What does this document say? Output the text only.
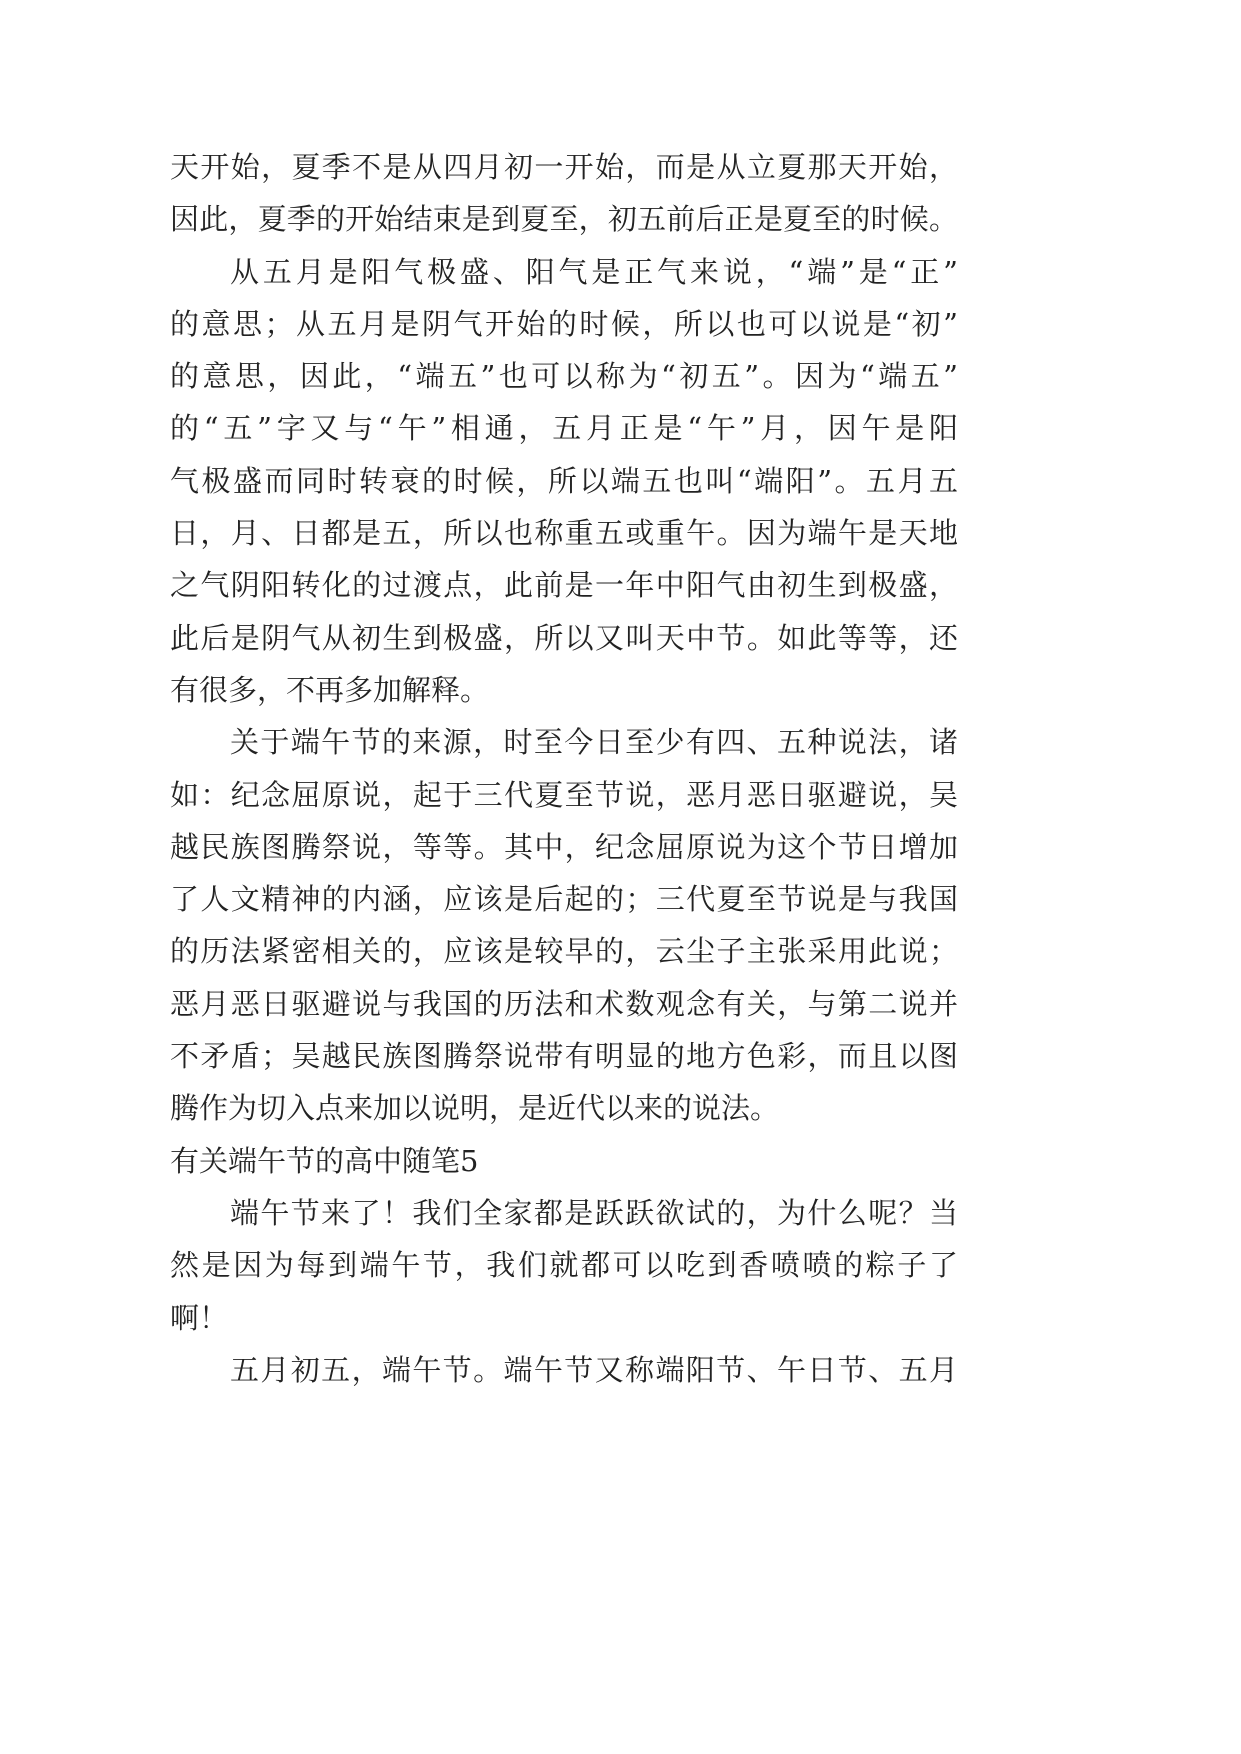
天开始，夏季不是从四月初一开始，而是从立夏那天开始，
因此，夏季的开始结束是到夏至，初五前后正是夏至的时候。
从五月是阳气极盛、阳气是正气来说，“端”是“正”
的意思；从五月是阴气开始的时候，所以也可以说是“初”
的意思，因此，“端五”也可以称为“初五”。因为“端五”
的“五”字又与“午”相通，五月正是“午”月，因午是阳
气极盛而同时转衰的时候，所以端五也叫“端阳”。五月五
日，月、日都是五，所以也称重五或重午。因为端午是天地
之气阴阳转化的过渡点，此前是一年中阳气由初生到极盛，
此后是阴气从初生到极盛，所以又叫天中节。如此等等，还
有很多，不再多加解释。
关于端午节的来源，时至今日至少有四、五种说法，诸
如：纪念屈原说，起于三代夏至节说，恶月恶日驱避说，吴
越民族图腾祭说，等等。其中，纪念屈原说为这个节日增加
了人文精神的内涵，应该是后起的；三代夏至节说是与我国
的历法紧密相关的，应该是较早的，云尘子主张采用此说；
恶月恶日驱避说与我国的历法和术数观念有关，与第二说并
不矛盾；吴越民族图腾祭说带有明显的地方色彩，而且以图
腾作为切入点来加以说明，是近代以来的说法。
有关端午节的高中随笔5
端午节来了！我们全家都是跃跃欲试的，为什么呢？当
然是因为每到端午节，我们就都可以吃到香喷喷的粽子了
啊！
五月初五，端午节。端午节又称端阳节、午日节、五月
